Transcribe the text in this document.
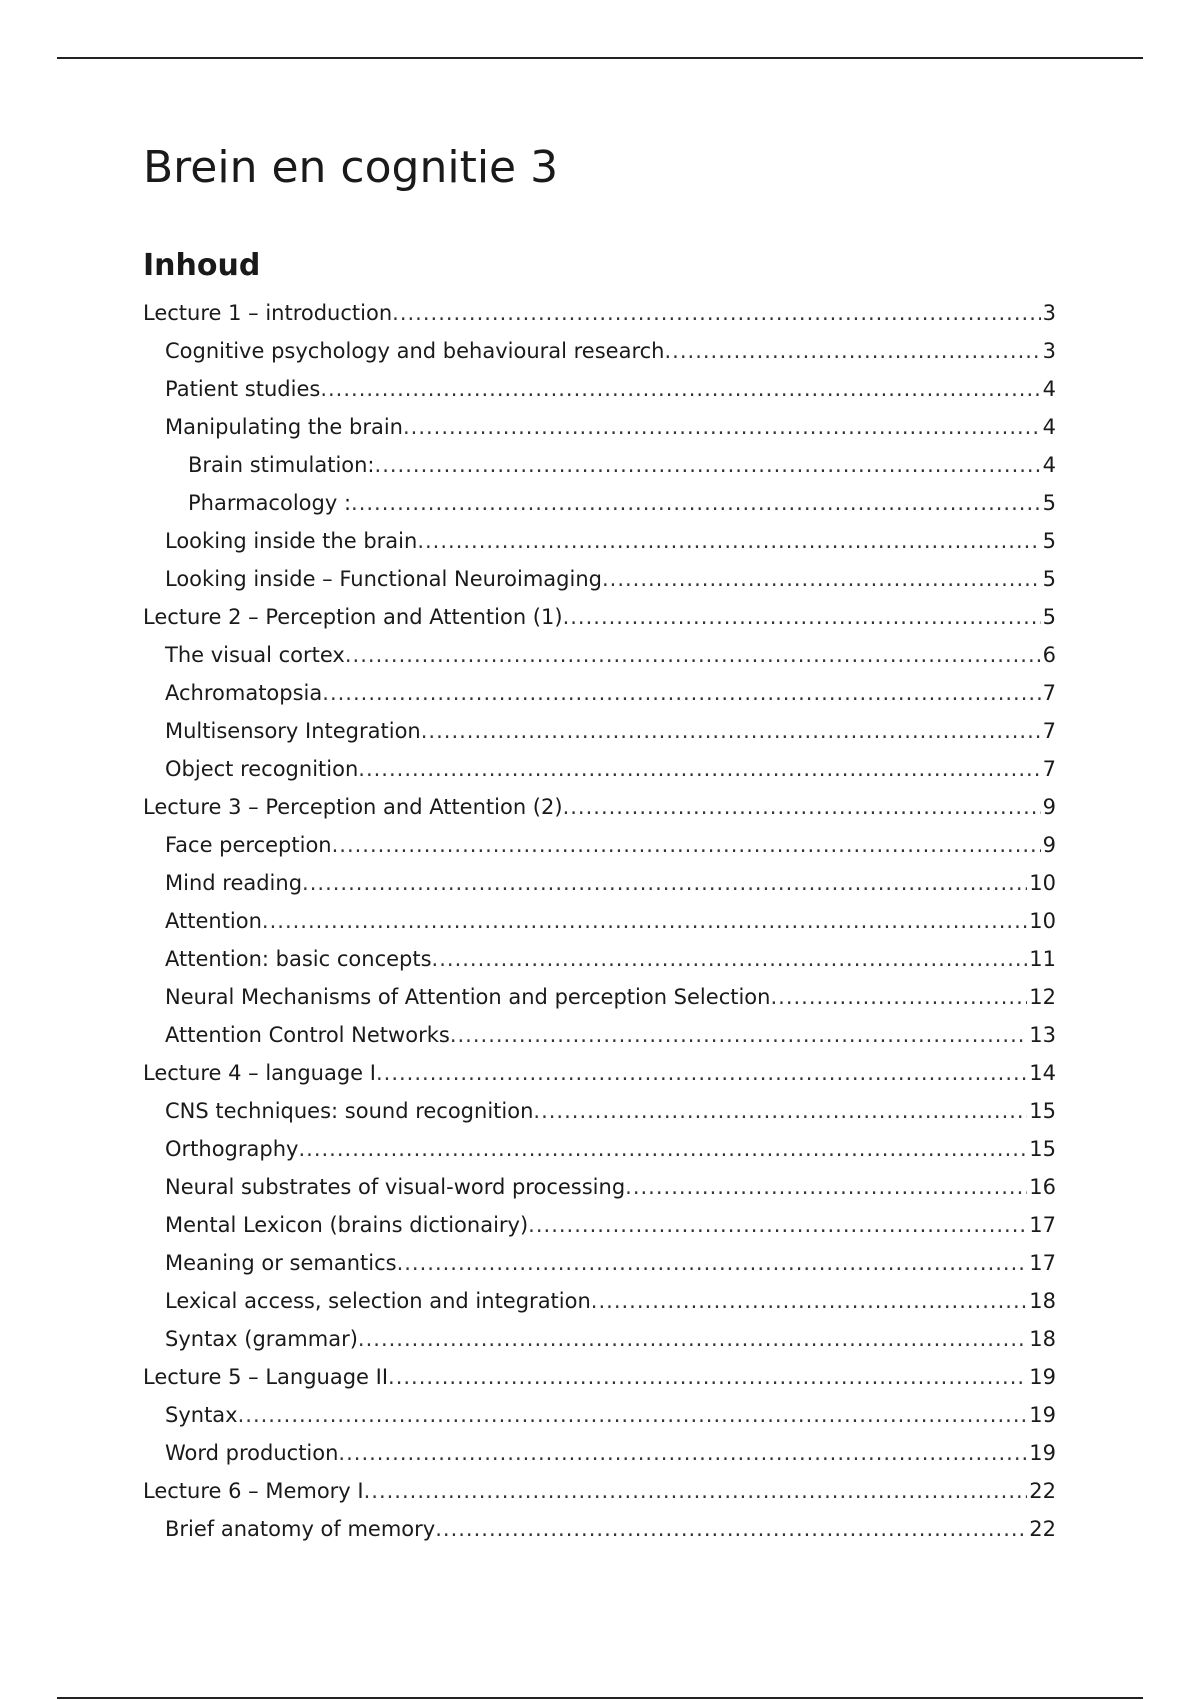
Brein en cognitie 3
Inhoud
Lecture 1 – introduction .....	3
Cognitive psychology and behavioural research .....	3
Patient studies .....	4
Manipulating the brain .....	4
Brain stimulation: .....	4
Pharmacology : .....	5
Looking inside the brain .....	5
Looking inside – Functional Neuroimaging .....	5
Lecture 2 – Perception and Attention (1) .....	5
The visual cortex .....	6
Achromatopsia .....	7
Multisensory Integration .....	7
Object recognition .....	7
Lecture 3 – Perception and Attention (2) .....	9
Face perception .....	9
Mind reading .....	10
Attention .....	10
Attention: basic concepts .....	11
Neural Mechanisms of Attention and perception Selection .....	12
Attention Control Networks .....	13
Lecture 4 – language I .....	14
CNS techniques: sound recognition .....	15
Orthography .....	15
Neural substrates of visual-word processing .....	16
Mental Lexicon (brains dictionairy) .....	17
Meaning or semantics .....	17
Lexical access, selection and integration .....	18
Syntax (grammar) .....	18
Lecture 5 – Language II .....	19
Syntax .....	19
Word production .....	19
Lecture 6 – Memory I .....	22
Brief anatomy of memory .....	22
